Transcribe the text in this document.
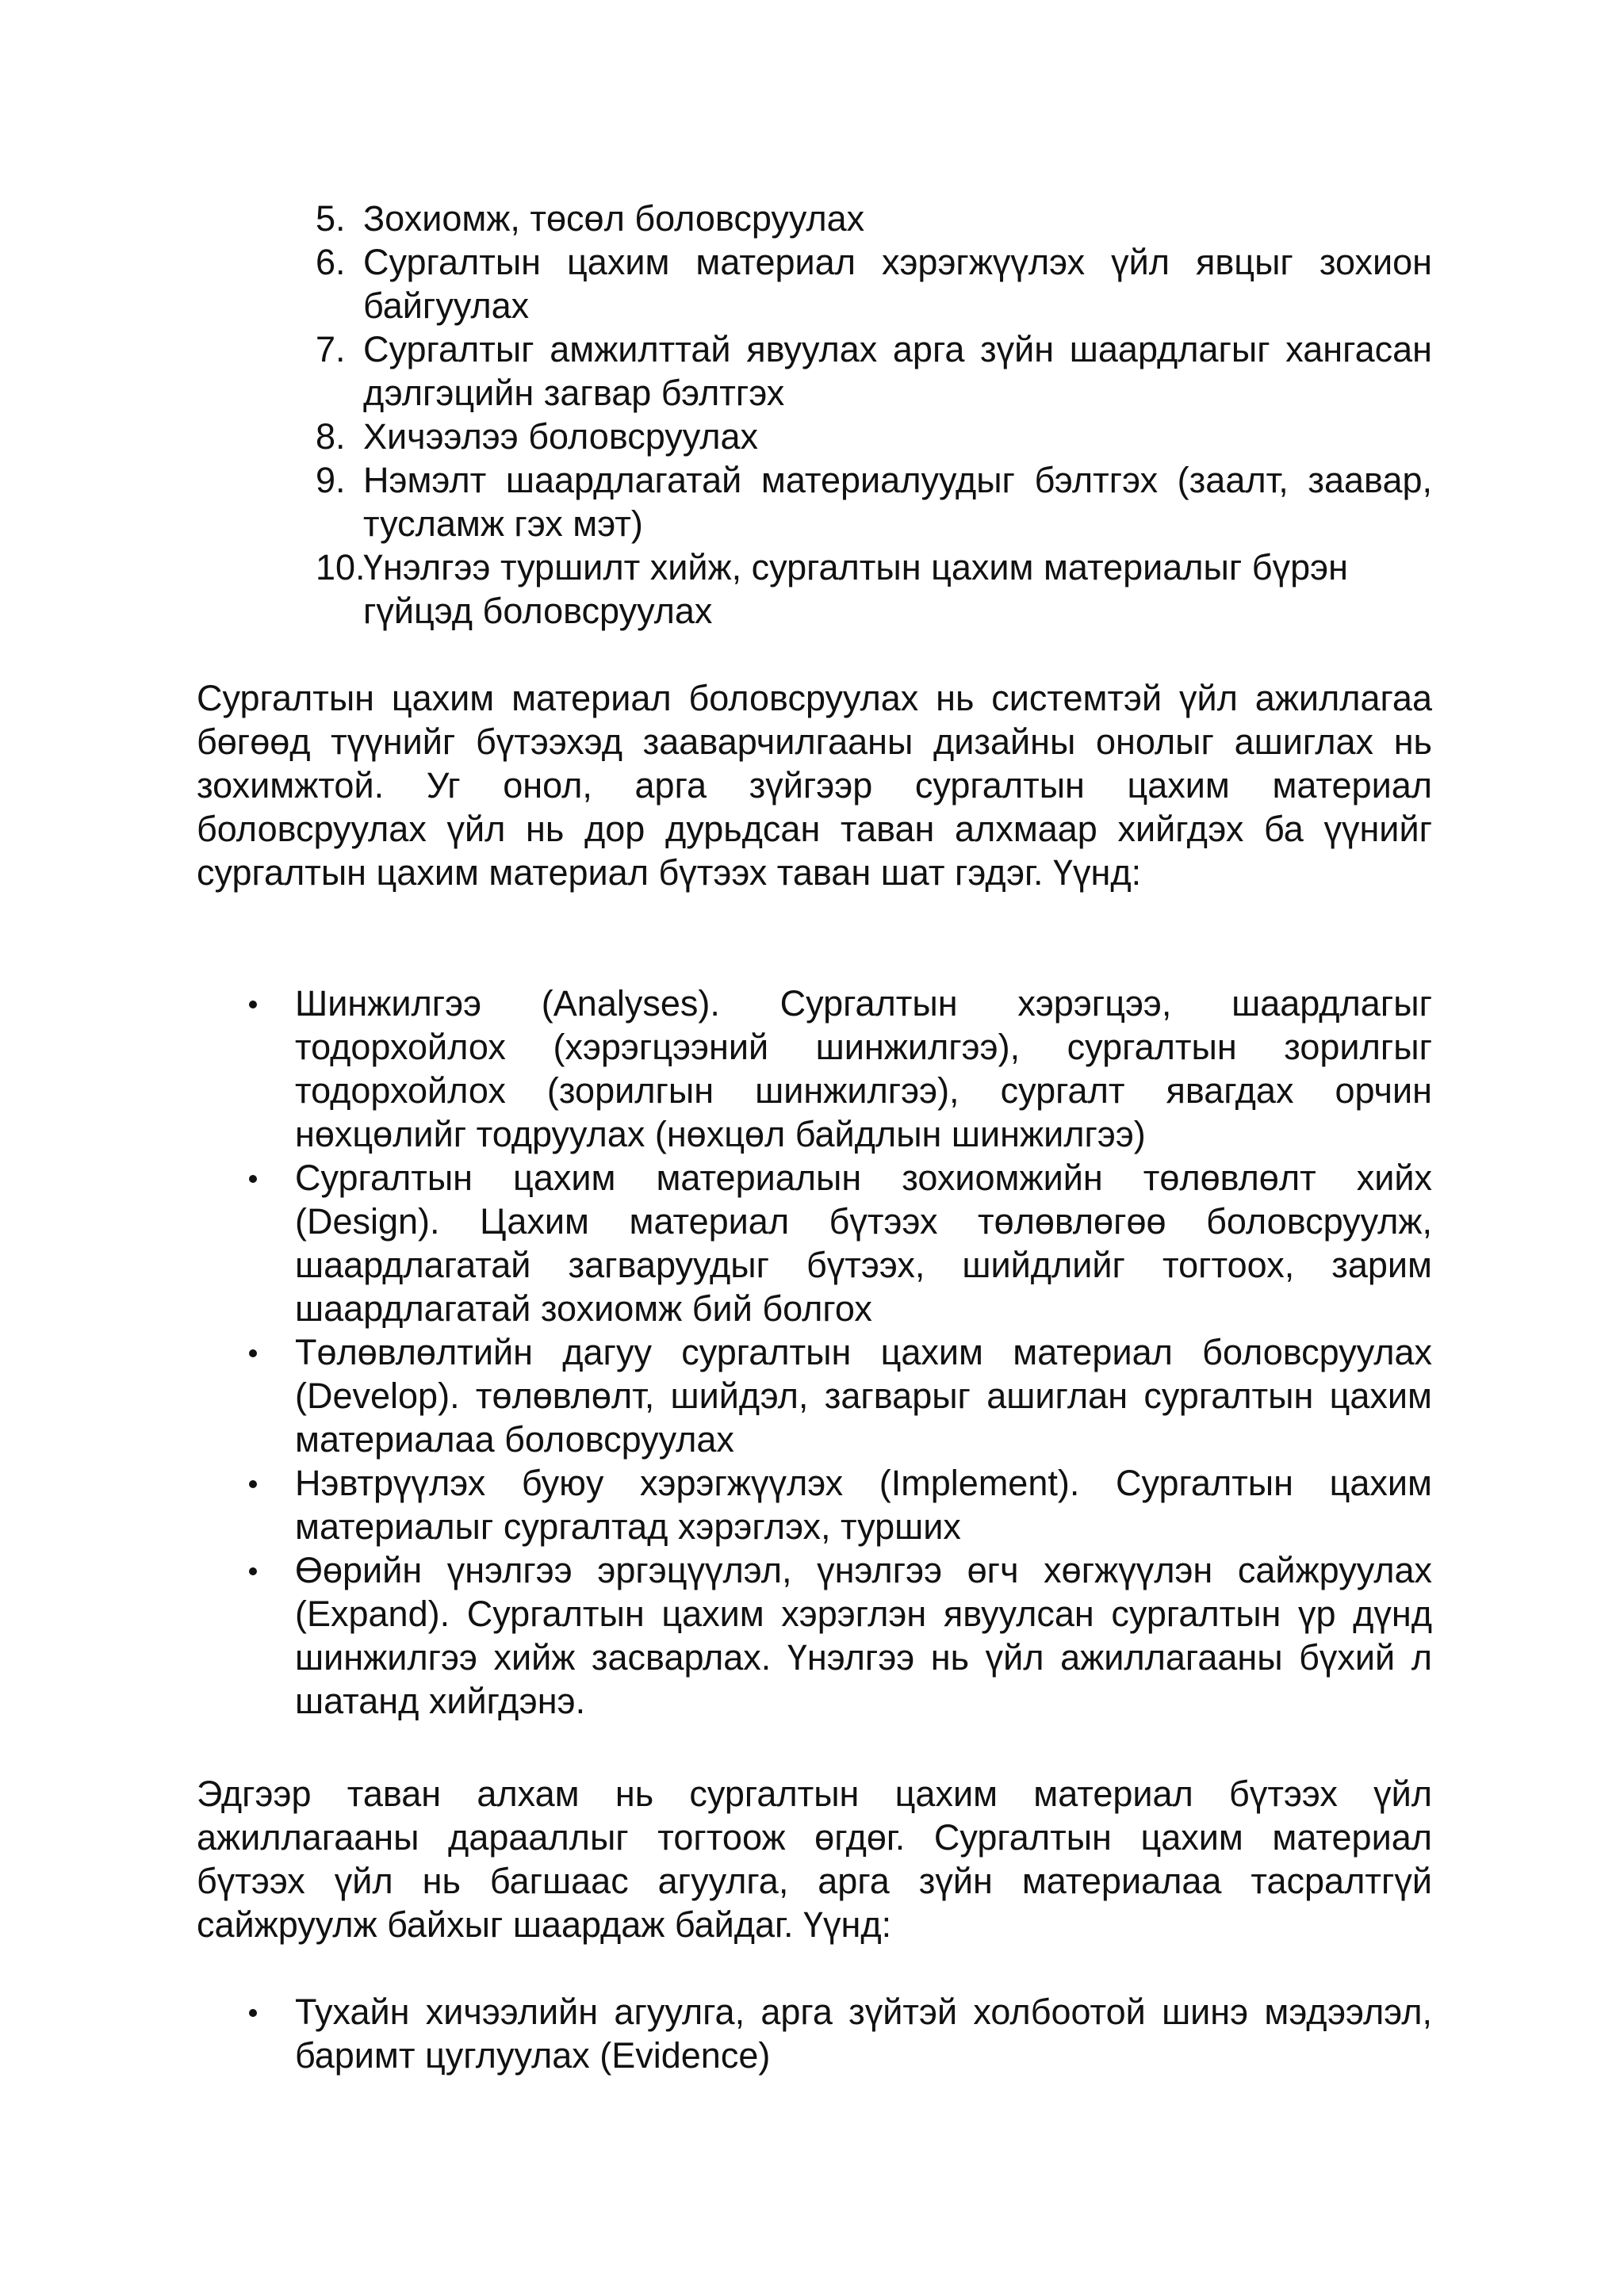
5. Зохиомж, төсөл боловсруулах
6. Сургалтын цахим материал хэрэгжүүлэх үйл явцыг зохион байгуулах
7. Сургалтыг амжилттай явуулах арга зүйн шаардлагыг хангасан дэлгэцийн загвар бэлтгэх
8. Хичээлээ боловсруулах
9. Нэмэлт шаардлагатай материалуудыг бэлтгэх (заалт, заавар, тусламж гэх мэт)
10.
Үнэлгээ туршилт хийж, сургалтын цахим материалыг бүрэн гүйцэд боловсруулах

Сургалтын цахим материал боловсруулах нь системтэй үйл ажиллагаа бөгөөд түүнийг бүтээхэд зааварчилгааны дизайны онолыг ашиглах нь зохимжтой. Уг онол, арга зүйгээр сургалтын цахим материал боловсруулах үйл нь дор дурьдсан таван алхмаар хийгдэх ба үүнийг сургалтын цахим материал бүтээх таван шат гэдэг. Үүнд:

Шинжилгээ (Analyses). Сургалтын хэрэгцээ, шаардлагыг тодорхойлох (хэрэгцээний шинжилгээ), сургалтын зорилгыг тодорхойлох (зорилгын шинжилгээ), сургалт явагдах орчин нөхцөлийг тодруулах (нөхцөл байдлын шинжилгээ)
Сургалтын цахим материалын зохиомжийн төлөвлөлт хийх (Design). Цахим материал бүтээх төлөвлөгөө боловсруулж, шаардлагатай загваруудыг бүтээх, шийдлийг тогтоох, зарим шаардлагатай зохиомж бий болгох
Төлөвлөлтийн дагуу сургалтын цахим материал боловсруулах (Develop). төлөвлөлт, шийдэл, загварыг ашиглан сургалтын цахим материалаа боловсруулах
Нэвтрүүлэх буюу хэрэгжүүлэх (Implement). Сургалтын цахим материалыг сургалтад хэрэглэх, турших
Өөрийн үнэлгээ эргэцүүлэл, үнэлгээ өгч хөгжүүлэн сайжруулах (Expand). Сургалтын цахим хэрэглэн явуулсан сургалтын үр дүнд шинжилгээ хийж засварлах. Үнэлгээ нь үйл ажиллагааны бүхий л шатанд хийгдэнэ.

Эдгээр таван алхам нь сургалтын цахим материал бүтээх үйл ажиллагааны дарааллыг тогтоож өгдөг. Сургалтын цахим материал бүтээх үйл нь багшаас агуулга, арга зүйн материалаа тасралтгүй сайжруулж байхыг шаардаж байдаг. Үүнд:

Тухайн хичээлийн агуулга, арга зүйтэй холбоотой шинэ мэдээлэл, баримт цуглуулах (Evidence)
